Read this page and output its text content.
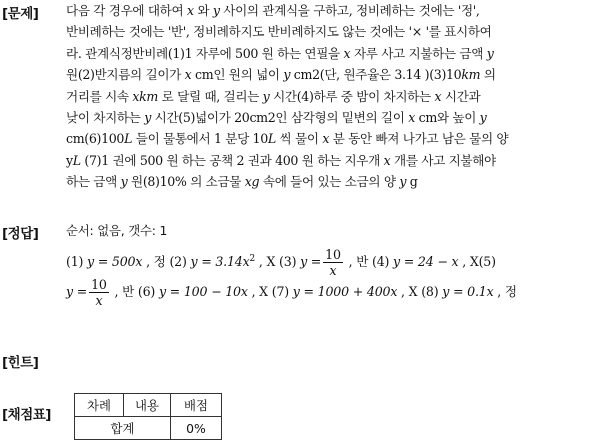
[문제]
[정답]
[힌트]
[채점표]
다음 각 경우에 대하여 x 와 y 사이의 관계식을 구하고, 정비례하는 것에는 '정',
반비례하는 것에는 '반', 정비례하지도 반비례하지도 않는 것에는 '× '를 표시하여
라. 관계식정반비례(1)1 자루에 500 원 하는 연필을 x 자루 사고 지불하는 금액 y
원(2)반지름의 길이가 x cm인 원의 넓이 y cm2(단, 원주율은 3.14 )(3)10km 의
거리를 시속 xkm 로 달릴 때, 걸리는 y 시간(4)하루 중 밤이 차지하는 x 시간과
낮이 차지하는 y 시간(5)넓이가 20cm2인 삼각형의 밑변의 길이 x cm와 높이 y
cm(6)100L 들이 물통에서 1 분당 10L 씩 물이 x 분 동안 빠져 나가고 남은 물의 양
yL (7)1 권에 500 원 하는 공책 2 권과 400 원 하는 지우개 x 개를 사고 지불해야
하는 금액 y 원(8)10% 의 소금물 xg 속에 들어 있는 소금의 양 y g
순서: 없음, 갯수: 1
(1) y = 500x , 정 (2) $y = 3.14x^2$ , X (3) $y = \frac{10}{x}$ , 반 (4) y = 24 − x , X(5)
$y = \frac{10}{x}$ , 반 (6) y = 100 − 10x , X (7) y = 1000 + 400x , X (8) y = 0.1x , 정
차례	내용	배점
합계		0%
